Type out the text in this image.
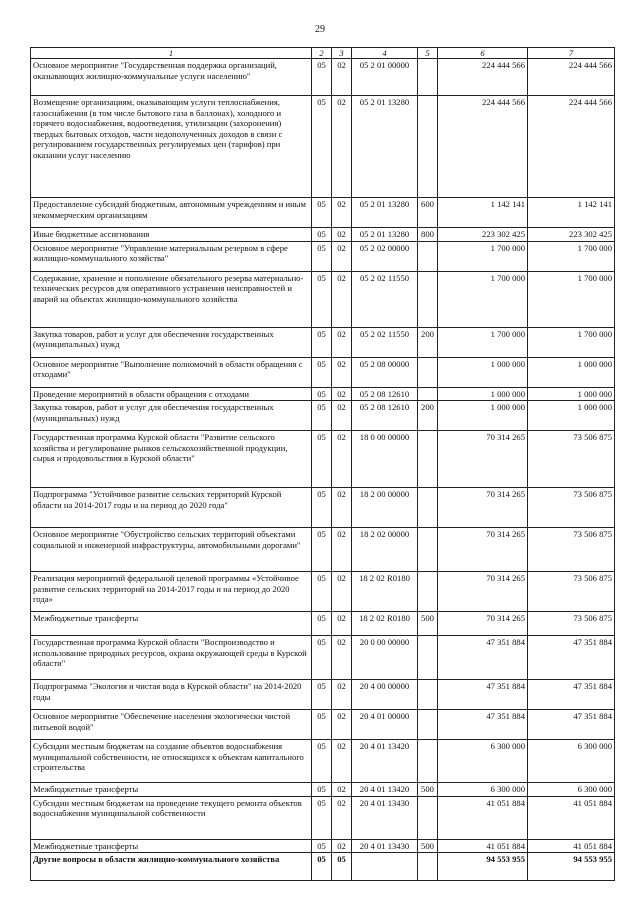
29
1	2	3	4	5	6	7
Основное мероприятие "Государственная поддержка организаций, оказывающих жилищно-коммунальные услуги населению"	05	02	05 2 01 00000		224 444 566	224 444 566
Возмещение организациям, оказывающим услуги теплоснабжения, газоснабжения (в том числе бытового газа в баллонах), холодного и горячего водоснабжения, водоотведения, утилизации (захоронения) твердых бытовых отходов, части недополученных доходов в связи с регулированием государственных регулируемых цен (тарифов) при оказании услуг населению	05	02	05 2 01 13280		224 444 566	224 444 566
Предоставление субсидий бюджетным, автономным учреждениям и иным некоммерческим организациям	05	02	05 2 01 13280	600	1 142 141	1 142 141
Иные бюджетные ассигнования	05	02	05 2 01 13280	800	223 302 425	223 302 425
Основное мероприятие "Управление материальным резервом в сфере жилищно-коммунального хозяйства"	05	02	05 2 02 00000		1 700 000	1 700 000
Содержание, хранение и пополнение обязательного резерва материально-технических ресурсов для оперативного устранения неисправностей и аварий на объектах жилищно-коммунального хозяйства	05	02	05 2 02 11550		1 700 000	1 700 000
Закупка товаров, работ и услуг для обеспечения государственных (муниципальных) нужд	05	02	05 2 02 11550	200	1 700 000	1 700 000
Основное мероприятие "Выполнение полномочий в области обращения с отходами"	05	02	05 2 08 00000		1 000 000	1 000 000
Проведение мероприятий в области обращения с отходами	05	02	05 2 08 12610		1 000 000	1 000 000
Закупка товаров, работ и услуг для обеспечения государственных (муниципальных) нужд	05	02	05 2 08 12610	200	1 000 000	1 000 000
Государственная программа Курской области "Развитие сельского хозяйства и регулирование рынков сельскохозяйственной продукции, сырья и продовольствия в Курской области"	05	02	18 0 00 00000		70 314 265	73 506 875
Подпрограмма "Устойчивое развитие сельских территорий Курской области на 2014-2017 годы и на период до 2020 года"	05	02	18 2 00 00000		70 314 265	73 506 875
Основное мероприятие "Обустройство сельских территорий объектами социальной и инженерной инфраструктуры, автомобильными дорогами"	05	02	18 2 02 00000		70 314 265	73 506 875
Реализация мероприятий федеральной целевой программы «Устойчивое развитие сельских территорий на 2014-2017 годы и на период до 2020 года»	05	02	18 2 02 R0180		70 314 265	73 506 875
Межбюджетные трансферты	05	02	18 2 02 R0180	500	70 314 265	73 506 875
Государственная программа Курской области "Воспроизводство и использование природных ресурсов, охрана окружающей среды в Курской области"	05	02	20 0 00 00000		47 351 884	47 351 884
Подпрограмма "Экология и чистая вода в Курской области" на 2014-2020 годы	05	02	20 4 00 00000		47 351 884	47 351 884
Основное мероприятие "Обеспечение населения экологически чистой питьевой водой"	05	02	20 4 01 00000		47 351 884	47 351 884
Субсидии местным бюджетам на создание объектов водоснабжения муниципальной собственности, не относящихся к объектам капитального строительства	05	02	20 4 01 13420		6 300 000	6 300 000
Межбюджетные трансферты	05	02	20 4 01 13420	500	6 300 000	6 300 000
Субсидии местным бюджетам на проведение текущего ремонта объектов водоснабжения муниципальной собственности	05	02	20 4 01 13430		41 051 884	41 051 884
Межбюджетные трансферты	05	02	20 4 01 13430	500	41 051 884	41 051 884
Другие вопросы в области жилищно-коммунального хозяйства	05	05			94 553 955	94 553 955
